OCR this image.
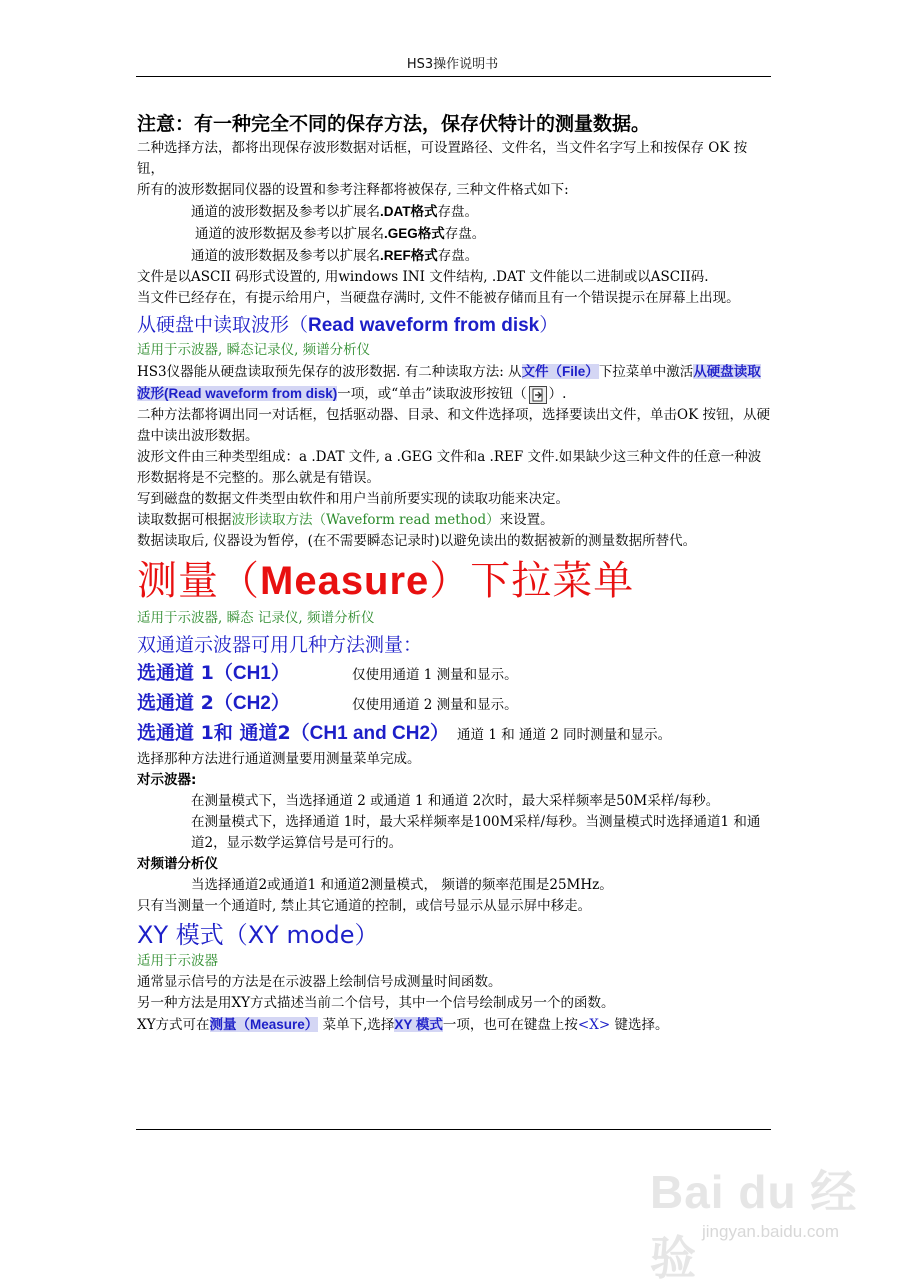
HS3操作说明书

注意：有一种完全不同的保存方法，保存伏特计的测量数据。

二种选择方法，都将出现保存波形数据对话框，可设置路径、文件名，当文件名字写上和按保存 OK 按钮，

所有的波形数据同仪器的设置和参考注释都将被保存, 三种文件格式如下:

通道的波形数据及参考以扩展名.DAT格式存盘。

通道的波形数据及参考以扩展名.GEG格式存盘。

通道的波形数据及参考以扩展名.REF格式存盘。

文件是以ASCII 码形式设置的, 用windows INI 文件结构, .DAT 文件能以二进制或以ASCII码.

当文件已经存在，有提示给用户，当硬盘存满时, 文件不能被存储而且有一个错误提示在屏幕上出现。

从硬盘中读取波形（Read waveform from disk）

适用于示波器, 瞬态记录仪, 频谱分析仪

HS3仪器能从硬盘读取预先保存的波形数据. 有二种读取方法: 从文件（File）下拉菜单中激活从硬盘读取波形(Read waveform from disk)一项，或“单击”读取波形按钮（ ）.

二种方法都将调出同一对话框，包括驱动器、目录、和文件选择项，选择要读出文件，单击OK 按钮，从硬盘中读出波形数据。

波形文件由三种类型组成：a .DAT 文件, a .GEG 文件和a .REF 文件.如果缺少这三种文件的任意一种波形数据将是不完整的。那么就是有错误。

写到磁盘的数据文件类型由软件和用户当前所要实现的读取功能来决定。

读取数据可根据波形读取方法（Waveform read method）来设置。

数据读取后, 仪器设为暂停，(在不需要瞬态记录时)以避免读出的数据被新的测量数据所替代。

测量（Measure）下拉菜单

适用于示波器, 瞬态 记录仪, 频谱分析仪

双通道示波器可用几种方法测量：

选通道 1（CH1）	仅使用通道 1 测量和显示。
选通道 2（CH2）	仅使用通道 2 测量和显示。
选通道 1和 通道2（CH1 and CH2） 通道 1 和 通道 2 同时测量和显示。

选择那种方法进行通道测量要用测量菜单完成。

对示波器:

在测量模式下，当选择通道 2 或通道 1 和通道 2次时，最大采样频率是50M采样/每秒。

在测量模式下，选择通道 1时，最大采样频率是100M采样/每秒。当测量模式时选择通道1 和通道2，显示数学运算信号是可行的。

对频谱分析仪

当选择通道2或通道1 和通道2测量模式， 频谱的频率范围是25MHz。

只有当测量一个通道时, 禁止其它通道的控制，或信号显示从显示屏中移走。

XY 模式（XY mode）

适用于示波器

通常显示信号的方法是在示波器上绘制信号成测量时间函数。

另一种方法是用XY方式描述当前二个信号，其中一个信号绘制成另一个的函数。

XY方式可在测量（Measure） 菜单下,选择XY 模式一项，也可在键盘上按<X> 键选择。

Bai du 经验
jingyan.baidu.com
